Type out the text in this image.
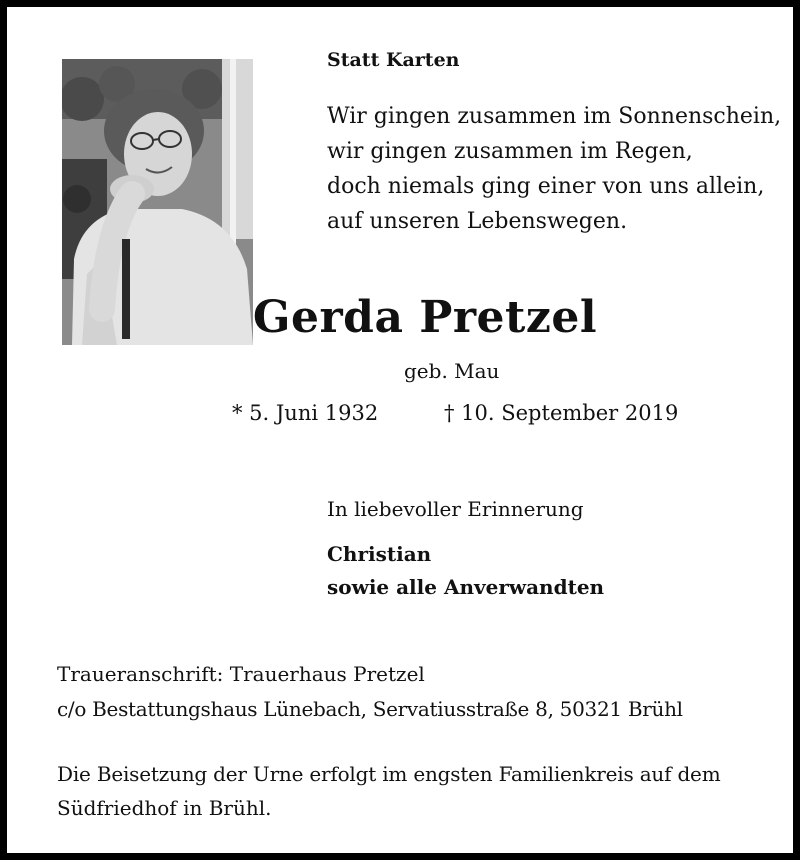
Statt Karten
Wir gingen zusammen im Sonnenschein,
wir gingen zusammen im Regen,
doch niemals ging einer von uns allein,
auf unseren Lebenswegen.
Gerda Pretzel
geb. Mau
* 5. Juni 1932	† 10. September 2019
In liebevoller Erinnerung
Christian
sowie alle Anverwandten
Traueranschrift: Trauerhaus Pretzel
c/o Bestattungshaus Lünebach, Servatiusstraße 8, 50321 Brühl
Die Beisetzung der Urne erfolgt im engsten Familienkreis auf dem
Südfriedhof in Brühl.
